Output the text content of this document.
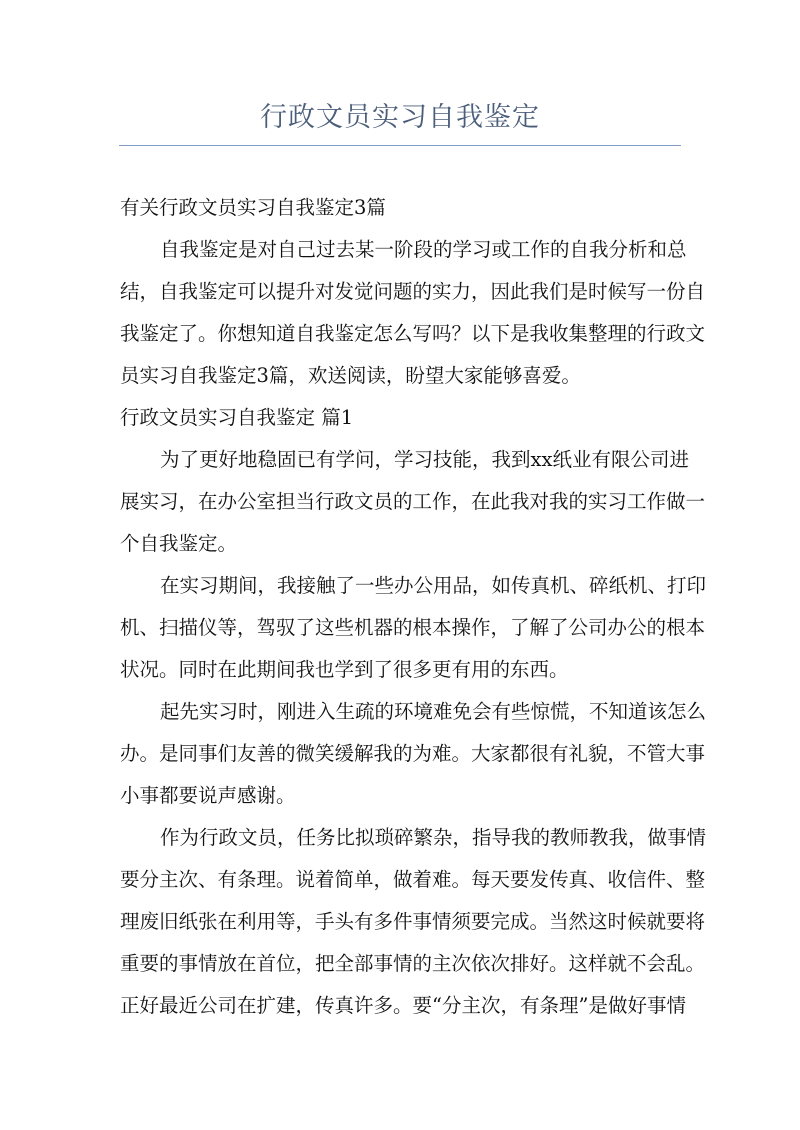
行政文员实习自我鉴定
有关行政文员实习自我鉴定3篇
自我鉴定是对自己过去某一阶段的学习或工作的自我分析和总
结，自我鉴定可以提升对发觉问题的实力，因此我们是时候写一份自
我鉴定了。你想知道自我鉴定怎么写吗？以下是我收集整理的行政文
员实习自我鉴定3篇，欢送阅读，盼望大家能够喜爱。
行政文员实习自我鉴定 篇1
为了更好地稳固已有学问，学习技能，我到xx纸业有限公司进
展实习，在办公室担当行政文员的工作，在此我对我的实习工作做一
个自我鉴定。
在实习期间，我接触了一些办公用品，如传真机、碎纸机、打印
机、扫描仪等，驾驭了这些机器的根本操作，了解了公司办公的根本
状况。同时在此期间我也学到了很多更有用的东西。
起先实习时，刚进入生疏的环境难免会有些惊慌，不知道该怎么
办。是同事们友善的微笑缓解我的为难。大家都很有礼貌，不管大事
小事都要说声感谢。
作为行政文员，任务比拟琐碎繁杂，指导我的教师教我，做事情
要分主次、有条理。说着简单，做着难。每天要发传真、收信件、整
理废旧纸张在利用等，手头有多件事情须要完成。当然这时候就要将
重要的事情放在首位，把全部事情的主次依次排好。这样就不会乱。
正好最近公司在扩建，传真许多。要“分主次，有条理”是做好事情
